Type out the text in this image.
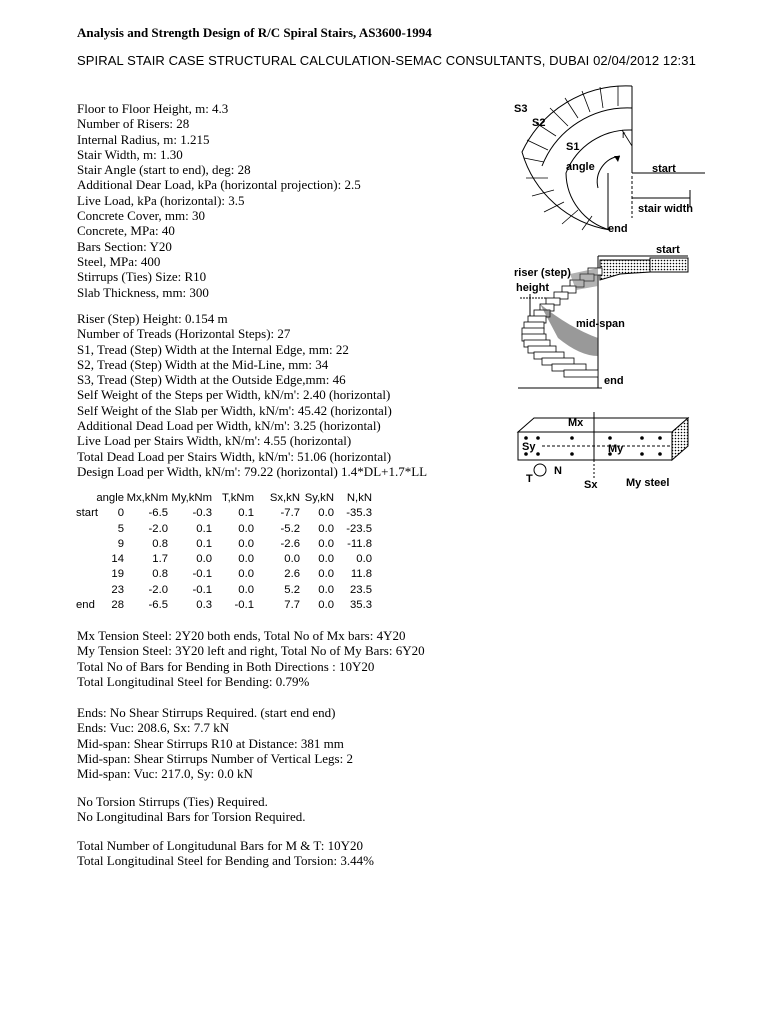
Analysis and Strength Design of R/C Spiral Stairs, AS3600-1994
SPIRAL STAIR CASE STRUCTURAL CALCULATION-SEMAC CONSULTANTS, DUBAI 02/04/2012 12:31
Floor to Floor Height, m: 4.3
Number of Risers: 28
Internal Radius, m: 1.215
Stair Width, m: 1.30
Stair Angle (start to end), deg: 28
Additional Dear Load, kPa (horizontal projection): 2.5
Live Load, kPa (horizontal): 3.5
Concrete Cover, mm: 30
Concrete, MPa: 40
Bars Section: Y20
Steel, MPa: 400
Stirrups (Ties) Size: R10
Slab Thickness, mm: 300
Riser (Step) Height: 0.154 m
Number of Treads (Horizontal Steps): 27
S1, Tread (Step) Width at the Internal Edge, mm: 22
S2, Tread (Step) Width at the Mid-Line, mm: 34
S3, Tread (Step) Width at the Outside Edge,mm: 46
Self Weight of the Steps per Width, kN/m': 2.40 (horizontal)
Self Weight of the Slab per Width, kN/m': 45.42 (horizontal)
Additional Dead Load per Width, kN/m': 3.25 (horizontal)
Live Load per Stairs Width, kN/m': 4.55 (horizontal)
Total Dead Load per Stairs Width, kN/m': 51.06 (horizontal)
Design Load per Width, kN/m': 79.22 (horizontal) 1.4*DL+1.7*LL
angle Mx,kNm My,kNm T,kNm	Sx,kN Sy,kN	N,kN
start	0	-6.5	-0.3	0.1	-7.7	0.0	-35.3
5	-2.0	0.1	0.0	-5.2	0.0	-23.5
9	0.8	0.1	0.0	-2.6	0.0	-11.8
14	1.7	0.0	0.0	0.0	0.0	0.0
19	0.8	-0.1	0.0	2.6	0.0	11.8
23	-2.0	-0.1	0.0	5.2	0.0	23.5
end	28	-6.5	0.3	-0.1	7.7	0.0	35.3
Mx Tension Steel: 2Y20 both ends, Total No of Mx bars: 4Y20
My Tension Steel: 3Y20 left and right, Total No of My Bars: 6Y20
Total No of Bars for Bending in Both Directions : 10Y20
Total Longitudinal Steel for Bending: 0.79%
Ends: No Shear Stirrups Required. (start end end)
Ends: Vuc: 208.6, Sx: 7.7 kN
Mid-span: Shear Stirrups R10 at Distance: 381 mm
Mid-span: Shear Stirrups Number of Vertical Legs: 2
Mid-span: Vuc: 217.0, Sy: 0.0 kN
No Torsion Stirrups (Ties) Required.
No Longitudinal Bars for Torsion Required.
Total Number of Longitudunal Bars for M & T: 10Y20
Total Longitudinal Steel for Bending and Torsion: 3.44%
S3
S2
S1
r
angle	start
stair width
end
start
riser (step)
height
mid-span
end
Mx
Sy	My
T
N
Sx	My steel
